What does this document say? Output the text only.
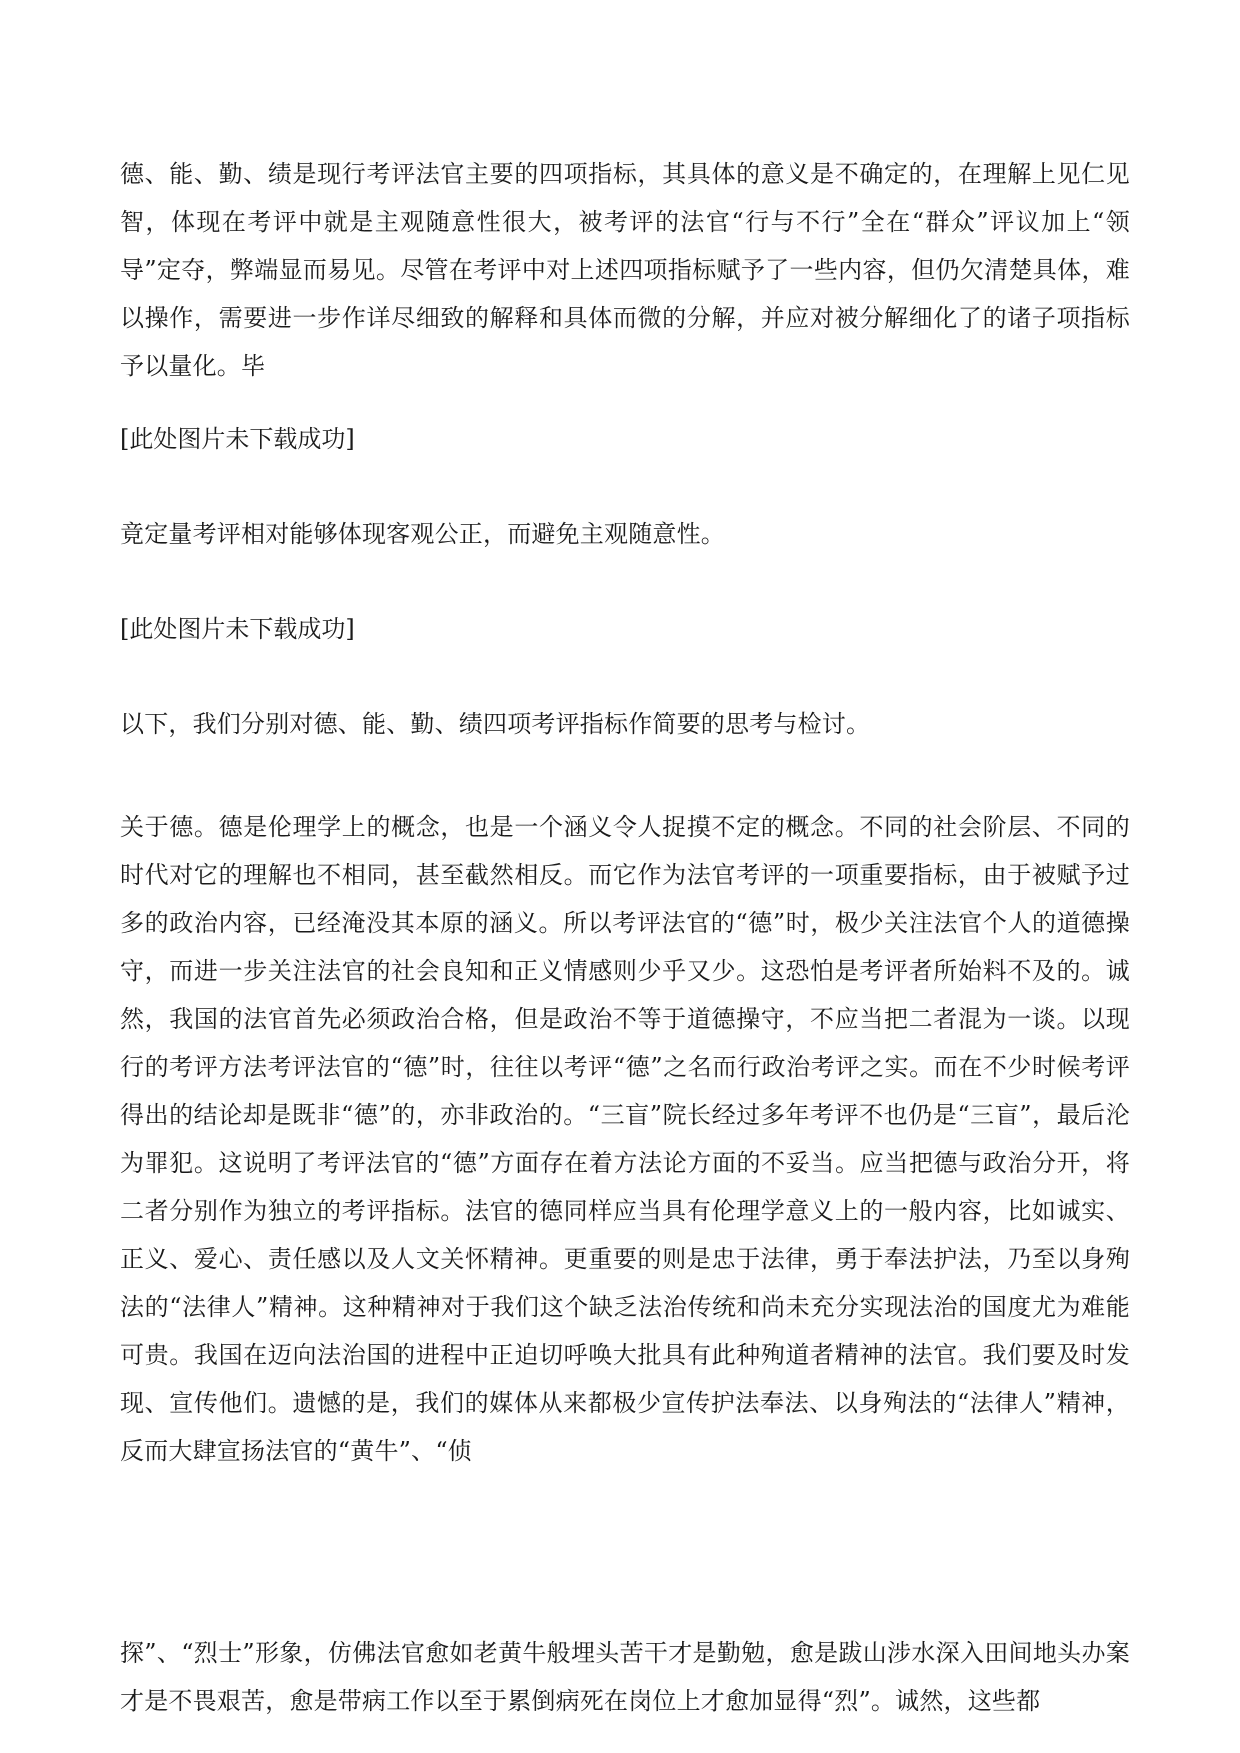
德、能、勤、绩是现行考评法官主要的四项指标，其具体的意义是不确定的，在理解上见仁见智，体现在考评中就是主观随意性很大，被考评的法官“行与不行”全在“群众”评议加上“领导”定夺，弊端显而易见。尽管在考评中对上述四项指标赋予了一些内容，但仍欠清楚具体，难以操作，需要进一步作详尽细致的解释和具体而微的分解，并应对被分解细化了的诸子项指标予以量化。毕

[此处图片未下载成功]

竟定量考评相对能够体现客观公正，而避免主观随意性。

[此处图片未下载成功]

以下，我们分别对德、能、勤、绩四项考评指标作简要的思考与检讨。

关于德。德是伦理学上的概念，也是一个涵义令人捉摸不定的概念。不同的社会阶层、不同的时代对它的理解也不相同，甚至截然相反。而它作为法官考评的一项重要指标，由于被赋予过多的政治内容，已经淹没其本原的涵义。所以考评法官的“德”时，极少关注法官个人的道德操守，而进一步关注法官的社会良知和正义情感则少乎又少。这恐怕是考评者所始料不及的。诚然，我国的法官首先必须政治合格，但是政治不等于道德操守，不应当把二者混为一谈。以现行的考评方法考评法官的“德”时，往往以考评“德”之名而行政治考评之实。而在不少时候考评得出的结论却是既非“德”的，亦非政治的。“三盲”院长经过多年考评不也仍是“三盲”，最后沦为罪犯。这说明了考评法官的“德”方面存在着方法论方面的不妥当。应当把德与政治分开，将二者分别作为独立的考评指标。法官的德同样应当具有伦理学意义上的一般内容，比如诚实、正义、爱心、责任感以及人文关怀精神。更重要的则是忠于法律，勇于奉法护法，乃至以身殉法的“法律人”精神。这种精神对于我们这个缺乏法治传统和尚未充分实现法治的国度尤为难能可贵。我国在迈向法治国的进程中正迫切呼唤大批具有此种殉道者精神的法官。我们要及时发现、宣传他们。遗憾的是，我们的媒体从来都极少宣传护法奉法、以身殉法的“法律人”精神，反而大肆宣扬法官的“黄牛”、“侦

探”、“烈士”形象，仿佛法官愈如老黄牛般埋头苦干才是勤勉，愈是跋山涉水深入田间地头办案才是不畏艰苦，愈是带病工作以至于累倒病死在岗位上才愈加显得“烈”。诚然，这些都
